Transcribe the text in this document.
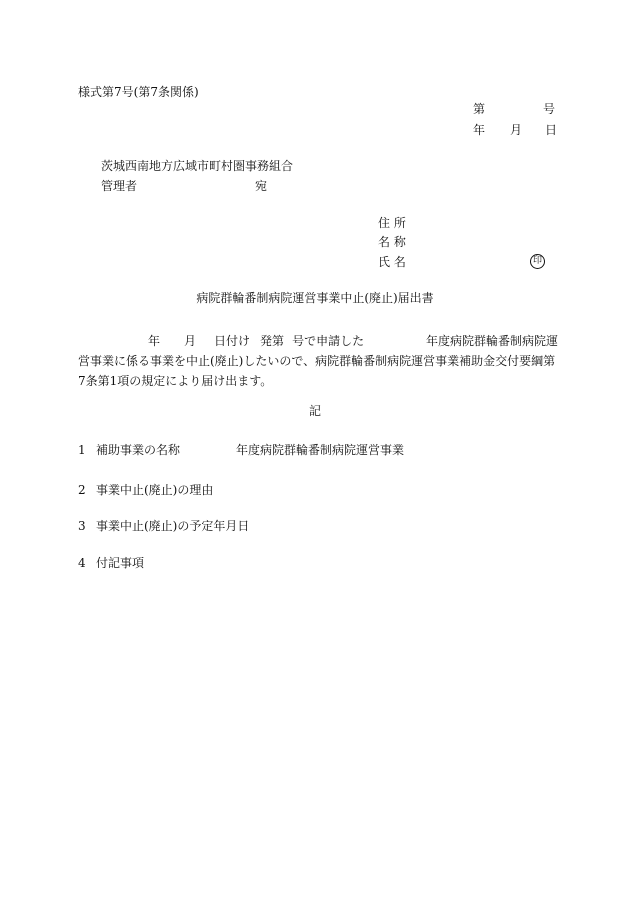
様式第7号(第7条関係)
第	号
年 月 日
茨城西南地方広域市町村圏事務組合
管理者	宛
住 所
名 称
氏 名	印
病院群輪番制病院運営事業中止(廃止)届出書
年 月 日付け 発第 号で申請した	年度病院群輪番制病院運
営事業に係る事業を中止(廃止)したいので、病院群輪番制病院運営事業補助金交付要綱第
7条第1項の規定により届け出ます。
記
1 補助事業の名称	年度病院群輪番制病院運営事業
2 事業中止(廃止)の理由
3 事業中止(廃止)の予定年月日
4 付記事項
